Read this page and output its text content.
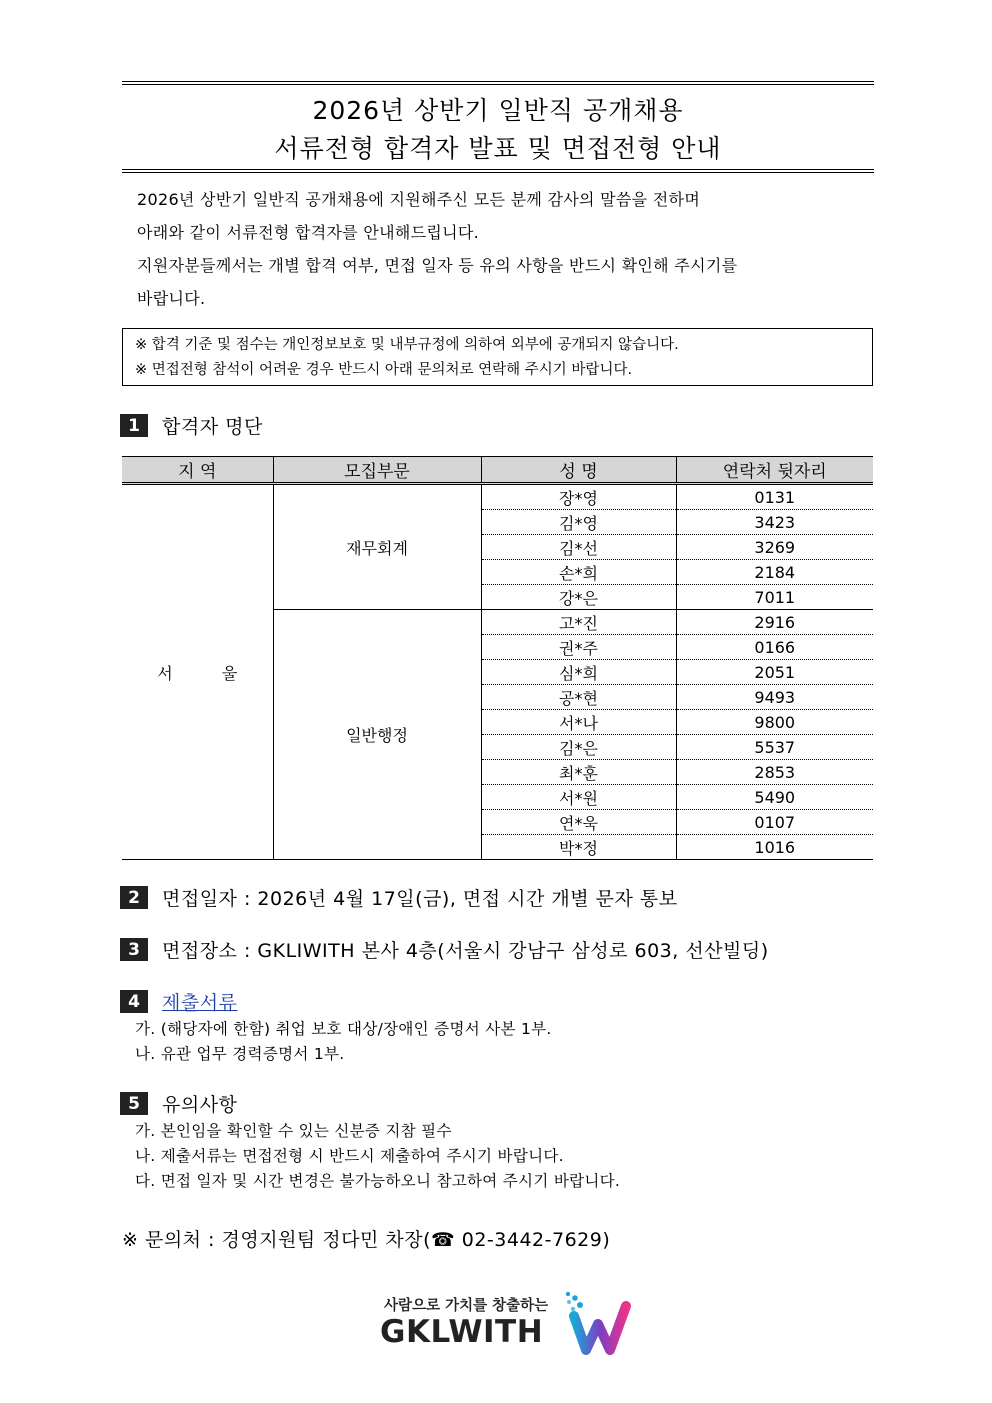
2026년 상반기 일반직 공개채용
서류전형 합격자 발표 및 면접전형 안내
2026년 상반기 일반직 공개채용에 지원해주신 모든 분께 감사의 말씀을 전하며
아래와 같이 서류전형 합격자를 안내해드립니다.
지원자분들께서는 개별 합격 여부, 면접 일자 등 유의 사항을 반드시 확인해 주시기를
바랍니다.
※ 합격 기준 및 점수는 개인정보보호 및 내부규정에 의하여 외부에 공개되지 않습니다.
※ 면접전형 참석이 어려운 경우 반드시 아래 문의처로 연락해 주시기 바랍니다.
1	합격자 명단
지 역	모집부문	성 명	연락처 뒷자리
서 울	재무회계	장*영	0131
		김*영	3423
		김*선	3269
		손*희	2184
		강*은	7011
	일반행정	고*진	2916
		권*주	0166
		심*희	2051
		공*현	9493
		서*나	9800
		김*은	5537
		최*훈	2853
		서*원	5490
		연*욱	0107
		박*정	1016
2	면접일자 : 2026년 4월 17일(금), 면접 시간 개별 문자 통보
3	면접장소 : GKLIWITH 본사 4층(서울시 강남구 삼성로 603, 선산빌딩)
4	제출서류
가. (해당자에 한함) 취업 보호 대상/장애인 증명서 사본 1부.
나. 유관 업무 경력증명서 1부.
5	유의사항
가. 본인임을 확인할 수 있는 신분증 지참 필수
나. 제출서류는 면접전형 시 반드시 제출하여 주시기 바랍니다.
다. 면접 일자 및 시간 변경은 불가능하오니 참고하여 주시기 바랍니다.
※ 문의처 : 경영지원팀 정다민 차장(☎ 02-3442-7629)
사람으로 가치를 창출하는
GKLWITH
